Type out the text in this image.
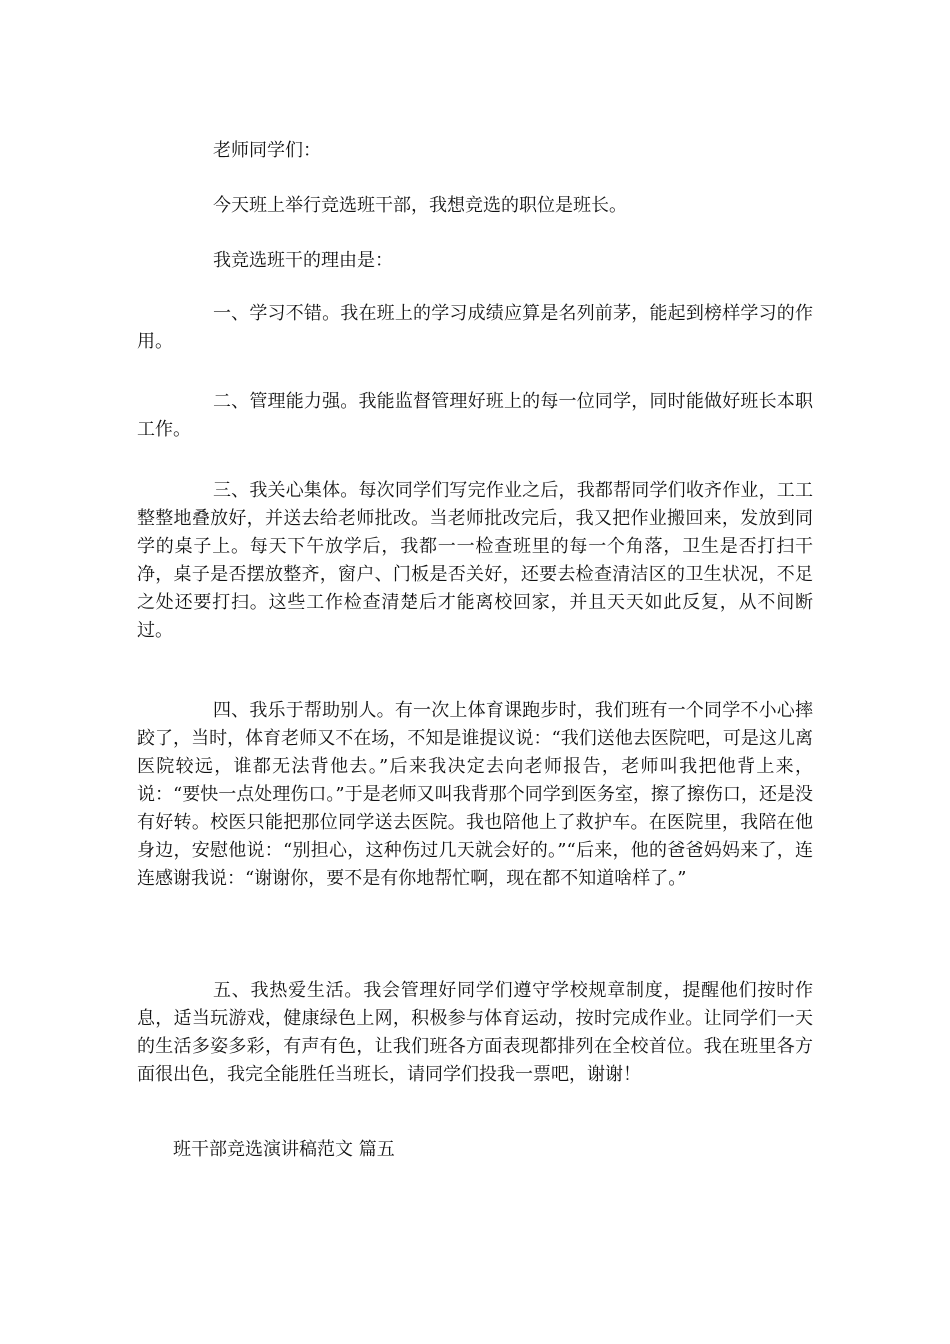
老师同学们：

今天班上举行竞选班干部，我想竞选的职位是班长。

我竞选班干的理由是：

一、学习不错。我在班上的学习成绩应算是名列前茅，能起到榜样学习的作用。

二、管理能力强。我能监督管理好班上的每一位同学，同时能做好班长本职工作。

三、我关心集体。每次同学们写完作业之后，我都帮同学们收齐作业，工工整整地叠放好，并送去给老师批改。当老师批改完后，我又把作业搬回来，发放到同学的桌子上。每天下午放学后，我都一一检查班里的每一个角落，卫生是否打扫干净，桌子是否摆放整齐，窗户、门板是否关好，还要去检查清洁区的卫生状况，不足之处还要打扫。这些工作检查清楚后才能离校回家，并且天天如此反复，从不间断过。

四、我乐于帮助别人。有一次上体育课跑步时，我们班有一个同学不小心摔跤了，当时，体育老师又不在场，不知是谁提议说：“我们送他去医院吧，可是这儿离医院较远，谁都无法背他去。”后来我决定去向老师报告，老师叫我把他背上来，说：“要快一点处理伤口。”于是老师又叫我背那个同学到医务室，擦了擦伤口，还是没有好转。校医只能把那位同学送去医院。我也陪他上了救护车。在医院里，我陪在他身边，安慰他说：“别担心，这种伤过几天就会好的。”“后来，他的爸爸妈妈来了，连连感谢我说：“谢谢你，要不是有你地帮忙啊，现在都不知道啥样了。”

五、我热爱生活。我会管理好同学们遵守学校规章制度，提醒他们按时作息，适当玩游戏，健康绿色上网，积极参与体育运动，按时完成作业。让同学们一天的生活多姿多彩，有声有色，让我们班各方面表现都排列在全校首位。我在班里各方面很出色，我完全能胜任当班长，请同学们投我一票吧，谢谢！

班干部竞选演讲稿范文 篇五
